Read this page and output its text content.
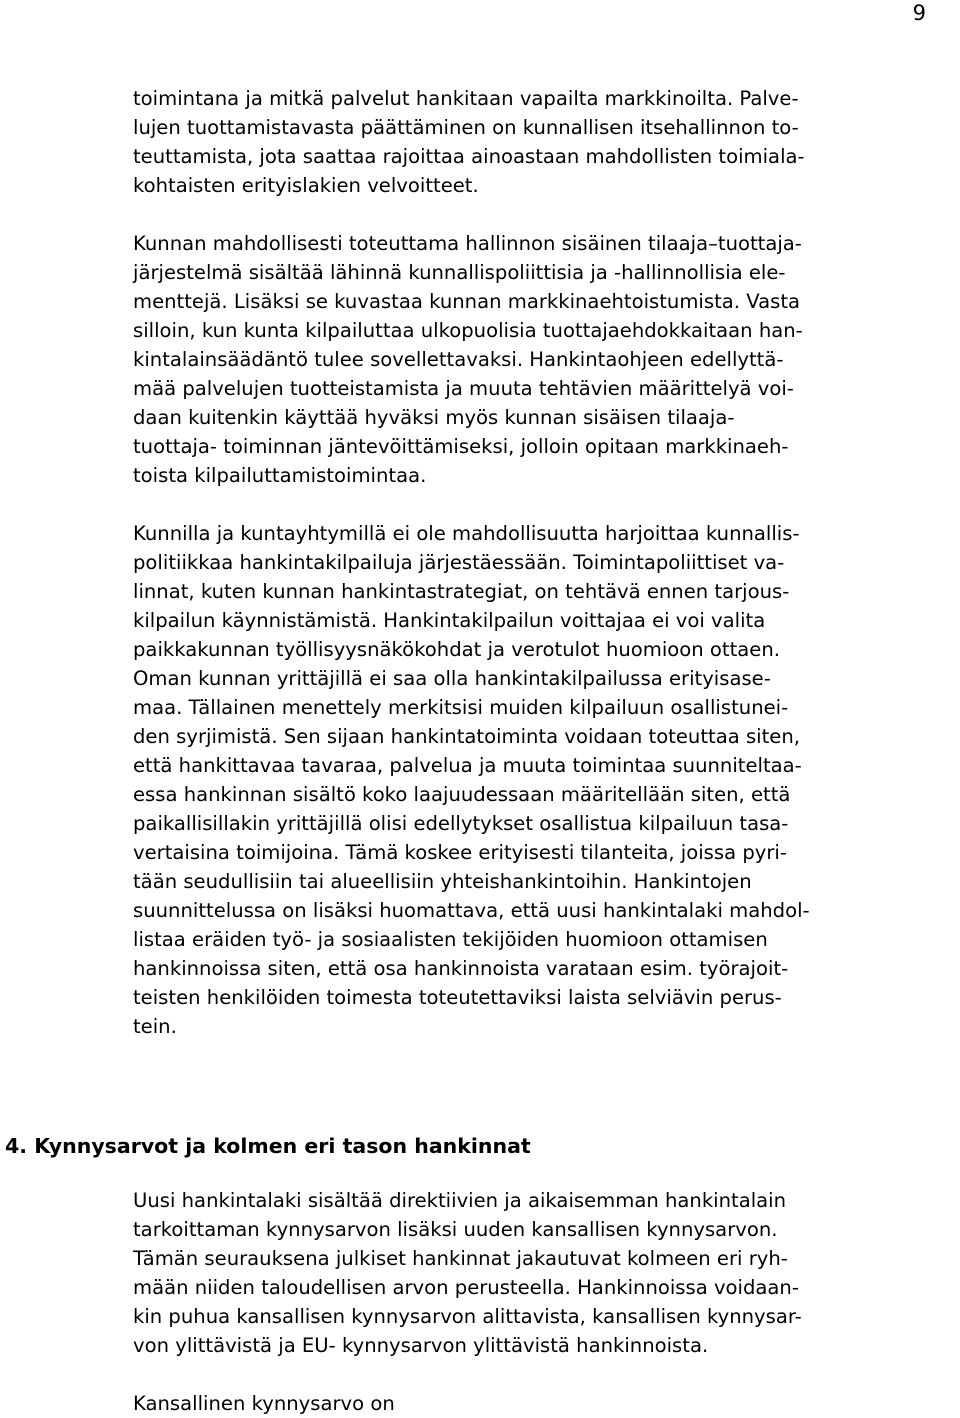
9

toimintana ja mitkä palvelut hankitaan vapailta markkinoilta. Palve-
lujen tuottamistavasta päättäminen on kunnallisen itsehallinnon to-
teuttamista, jota saattaa rajoittaa ainoastaan mahdollisten toimiala-
kohtaisten erityislakien velvoitteet.

Kunnan mahdollisesti toteuttama hallinnon sisäinen tilaaja–tuottaja-
järjestelmä sisältää lähinnä kunnallispoliittisia ja -hallinnollisia ele-
menttejä. Lisäksi se kuvastaa kunnan markkinaehtoistumista. Vasta
silloin, kun kunta kilpailuttaa ulkopuolisia tuottajaehdokkaitaan han-
kintalainsäädäntö tulee sovellettavaksi. Hankintaohjeen edellyttä-
mää palvelujen tuotteistamista ja muuta tehtävien määrittelyä voi-
daan kuitenkin käyttää hyväksi myös kunnan sisäisen tilaaja-
tuottaja- toiminnan jäntevöittämiseksi, jolloin opitaan markkinaeh-
toista kilpailuttamistoimintaa.

Kunnilla ja kuntayhtymillä ei ole mahdollisuutta harjoittaa kunnallis-
politiikkaa hankintakilpailuja järjestäessään. Toimintapoliittiset va-
linnat, kuten kunnan hankintastrategiat, on tehtävä ennen tarjous-
kilpailun käynnistämistä. Hankintakilpailun voittajaa ei voi valita
paikkakunnan työllisyysnäkökohdat ja verotulot huomioon ottaen.
Oman kunnan yrittäjillä ei saa olla hankintakilpailussa erityisase-
maa. Tällainen menettely merkitsisi muiden kilpailuun osallistunei-
den syrjimistä. Sen sijaan hankintatoiminta voidaan toteuttaa siten,
että hankittavaa tavaraa, palvelua ja muuta toimintaa suunniteltaa-
essa hankinnan sisältö koko laajuudessaan määritellään siten, että
paikallisillakin yrittäjillä olisi edellytykset osallistua kilpailuun tasa-
vertaisina toimijoina. Tämä koskee erityisesti tilanteita, joissa pyri-
tään seudullisiin tai alueellisiin yhteishankintoihin. Hankintojen
suunnittelussa on lisäksi huomattava, että uusi hankintalaki mahdol-
listaa eräiden työ- ja sosiaalisten tekijöiden huomioon ottamisen
hankinnoissa siten, että osa hankinnoista varataan esim. työrajoit-
teisten henkilöiden toimesta toteutettaviksi laista selviävin perus-
tein.

4. Kynnysarvot ja kolmen eri tason hankinnat

Uusi hankintalaki sisältää direktiivien ja aikaisemman hankintalain
tarkoittaman kynnysarvon lisäksi uuden kansallisen kynnysarvon.
Tämän seurauksena julkiset hankinnat jakautuvat kolmeen eri ryh-
mään niiden taloudellisen arvon perusteella. Hankinnoissa voidaan-
kin puhua kansallisen kynnysarvon alittavista, kansallisen kynnysar-
von ylittävistä ja EU- kynnysarvon ylittävistä hankinnoista.

Kansallinen kynnysarvo on
